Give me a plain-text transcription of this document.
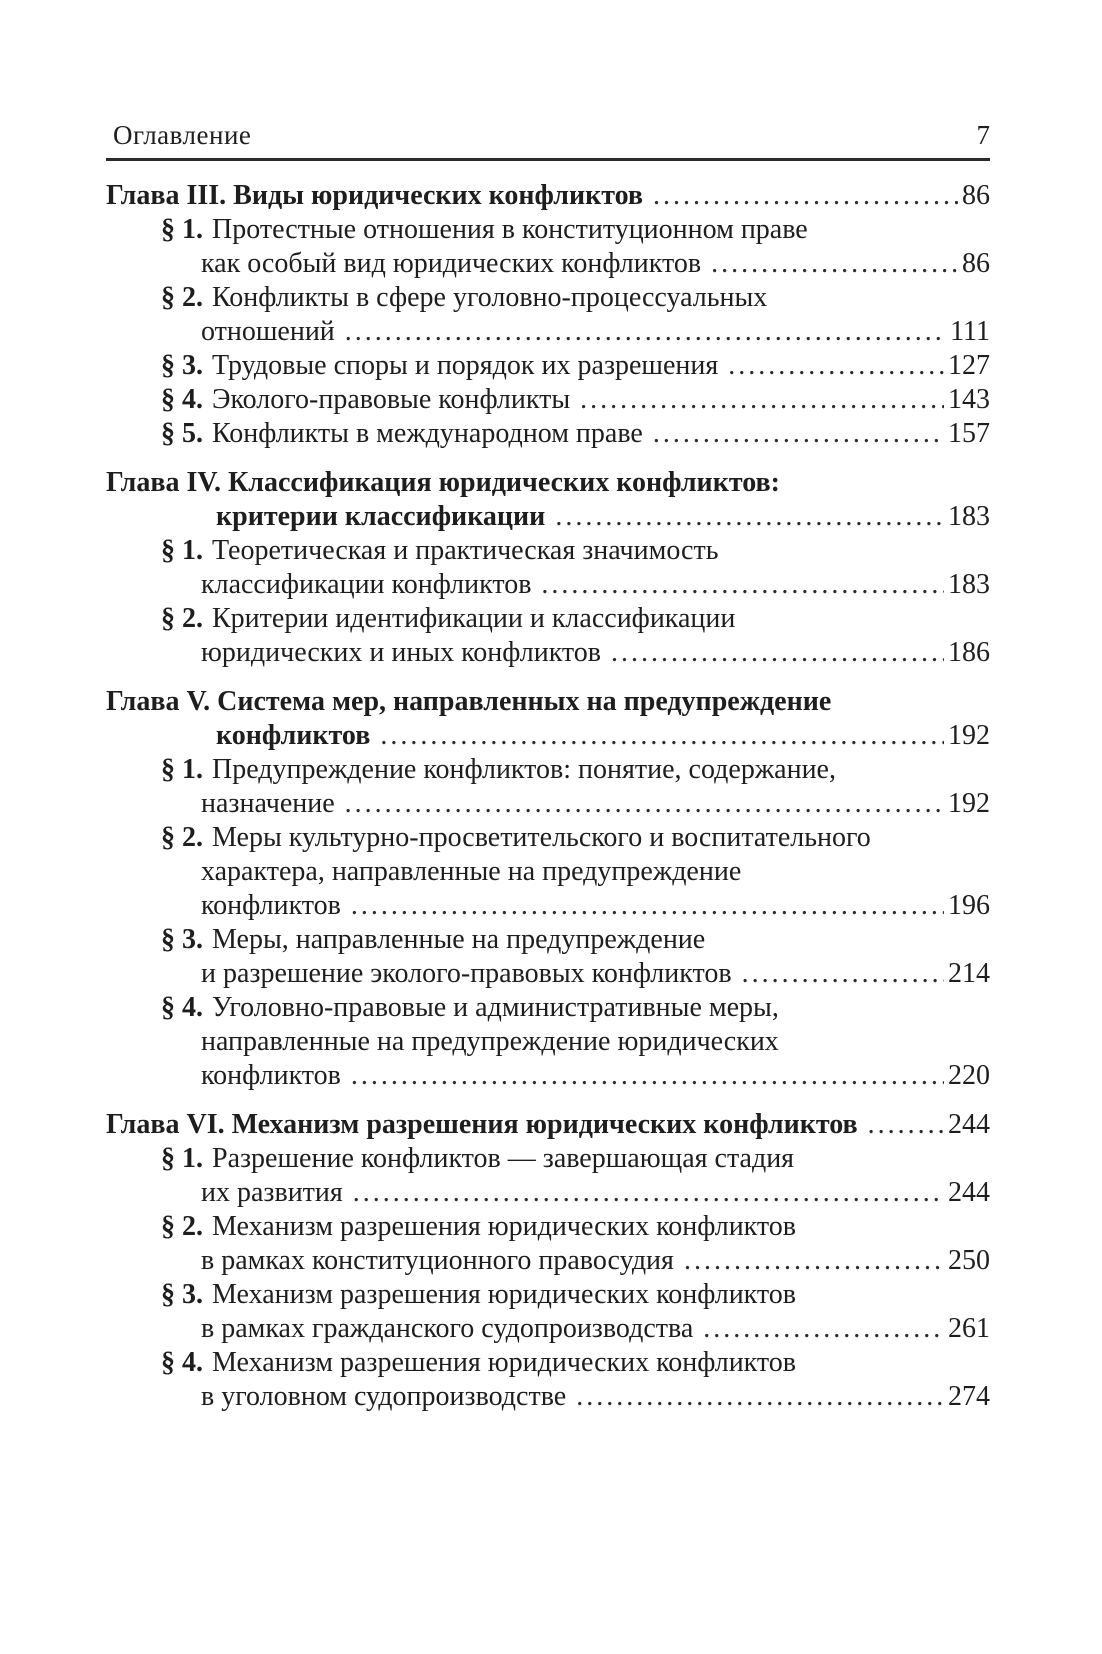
Оглавление	7
Глава III. Виды юридических конфликтов .....	86
§ 1. Протестные отношения в конституционном праве
как особый вид юридических конфликтов .....	86
§ 2. Конфликты в сфере уголовно-процессуальных
отношений .....	111
§ 3. Трудовые споры и порядок их разрешения .....	127
§ 4. Эколого-правовые конфликты .....	143
§ 5. Конфликты в международном праве .....	157
Глава IV. Классификация юридических конфликтов:
критерии классификации .....	183
§ 1. Теоретическая и практическая значимость
классификации конфликтов .....	183
§ 2. Критерии идентификации и классификации
юридических и иных конфликтов .....	186
Глава V. Система мер, направленных на предупреждение
конфликтов .....	192
§ 1. Предупреждение конфликтов: понятие, содержание,
назначение .....	192
§ 2. Меры культурно-просветительского и воспитательного
характера, направленные на предупреждение
конфликтов .....	196
§ 3. Меры, направленные на предупреждение
и разрешение эколого-правовых конфликтов .....	214
§ 4. Уголовно-правовые и административные меры,
направленные на предупреждение юридических
конфликтов .....	220
Глава VI. Механизм разрешения юридических конфликтов .....	244
§ 1. Разрешение конфликтов — завершающая стадия
их развития .....	244
§ 2. Механизм разрешения юридических конфликтов
в рамках конституционного правосудия .....	250
§ 3. Механизм разрешения юридических конфликтов
в рамках гражданского судопроизводства .....	261
§ 4. Механизм разрешения юридических конфликтов
в уголовном судопроизводстве .....	274
